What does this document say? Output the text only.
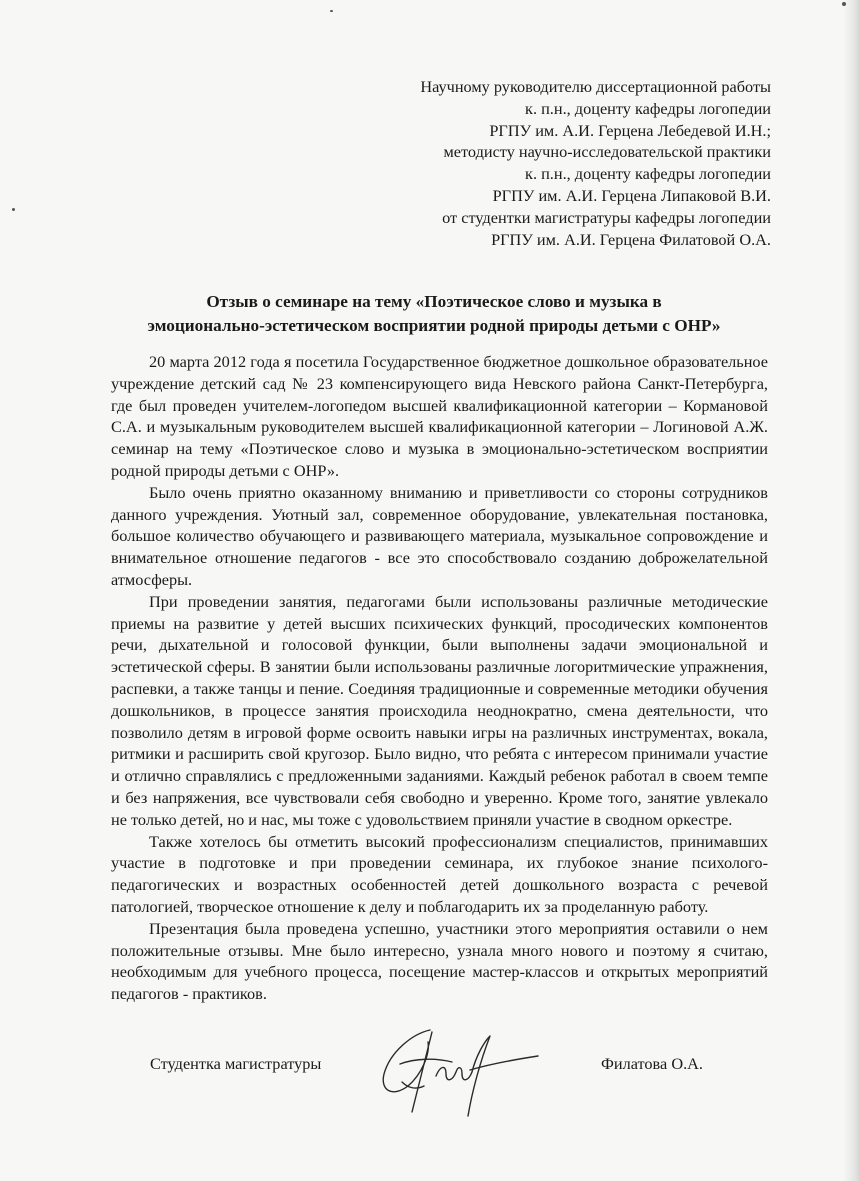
Научному руководителю диссертационной работы
к. п.н., доценту кафедры логопедии
РГПУ им. А.И. Герцена Лебедевой И.Н.;
методисту научно-исследовательской практики
к. п.н., доценту кафедры логопедии
РГПУ им. А.И. Герцена Липаковой В.И.
от студентки магистратуры кафедры логопедии
РГПУ им. А.И. Герцена Филатовой О.А.
Отзыв о семинаре на тему «Поэтическое слово и музыка в
эмоционально-эстетическом восприятии родной природы детьми с ОНР»

20 марта 2012 года я посетила Государственное бюджетное дошкольное образовательное учреждение детский сад № 23 компенсирующего вида Невского района Санкт-Петербурга, где был проведен учителем-логопедом высшей квалификационной категории – Кормановой С.А. и музыкальным руководителем высшей квалификационной категории – Логиновой А.Ж. семинар на тему «Поэтическое слово и музыка в эмоционально-эстетическом восприятии родной природы детьми с ОНР».

Было очень приятно оказанному вниманию и приветливости со стороны сотрудников данного учреждения. Уютный зал, современное оборудование, увлекательная постановка, большое количество обучающего и развивающего материала, музыкальное сопровождение и внимательное отношение педагогов - все это способствовало созданию доброжелательной атмосферы.

При проведении занятия, педагогами были использованы различные методические приемы на развитие у детей высших психических функций, просодических компонентов речи, дыхательной и голосовой функции, были выполнены задачи эмоциональной и эстетической сферы. В занятии были использованы различные логоритмические упражнения, распевки, а также танцы и пение. Соединяя традиционные и современные методики обучения дошкольников, в процессе занятия происходила неоднократно, смена деятельности, что позволило детям в игровой форме освоить навыки игры на различных инструментах, вокала, ритмики и расширить свой кругозор. Было видно, что ребята с интересом принимали участие и отлично справлялись с предложенными заданиями. Каждый ребенок работал в своем темпе и без напряжения, все чувствовали себя свободно и уверенно. Кроме того, занятие увлекало не только детей, но и нас, мы тоже с удовольствием приняли участие в сводном оркестре.

Также хотелось бы отметить высокий профессионализм специалистов, принимавших участие в подготовке и при проведении семинара, их глубокое знание психолого-педагогических и возрастных особенностей детей дошкольного возраста с речевой патологией, творческое отношение к делу и поблагодарить их за проделанную работу.

Презентация была проведена успешно, участники этого мероприятия оставили о нем положительные отзывы. Мне было интересно, узнала много нового и поэтому я считаю, необходимым для учебного процесса, посещение мастер-классов и открытых мероприятий педагогов - практиков.

Студентка магистратуры	Филатова О.А.
